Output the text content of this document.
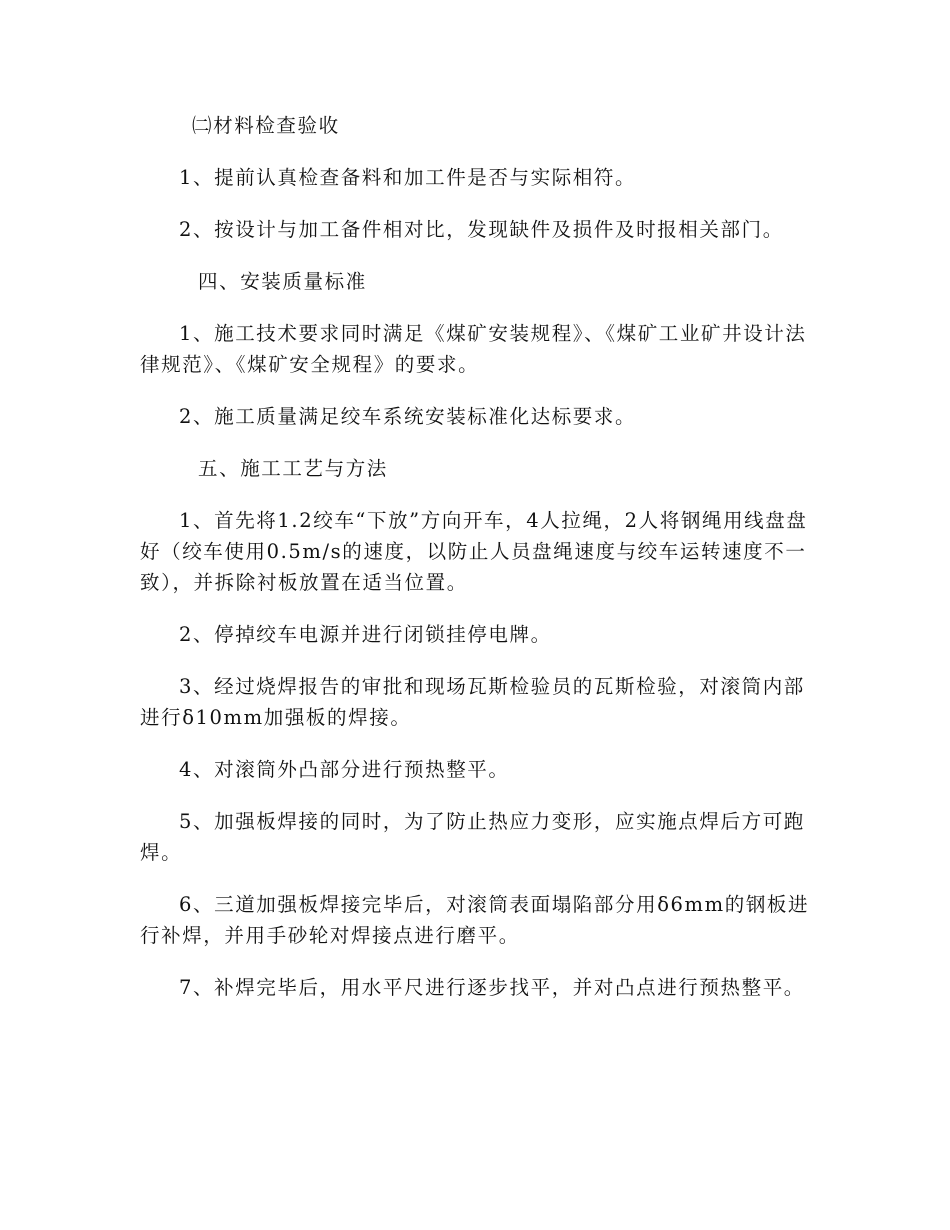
㈡材料检查验收

1、提前认真检查备料和加工件是否与实际相符。

2、按设计与加工备件相对比，发现缺件及损件及时报相关部门。

四、安装质量标准

1、施工技术要求同时满足《煤矿安装规程》、《煤矿工业矿井设计法律规范》、《煤矿安全规程》的要求。

2、施工质量满足绞车系统安装标准化达标要求。

五、施工工艺与方法

1、首先将1.2绞车“下放”方向开车，4人拉绳，2人将钢绳用线盘盘好（绞车使用0.5m/s的速度，以防止人员盘绳速度与绞车运转速度不一致），并拆除衬板放置在适当位置。

2、停掉绞车电源并进行闭锁挂停电牌。

3、经过烧焊报告的审批和现场瓦斯检验员的瓦斯检验，对滚筒内部进行δ10mm加强板的焊接。

4、对滚筒外凸部分进行预热整平。

5、加强板焊接的同时，为了防止热应力变形，应实施点焊后方可跑焊。

6、三道加强板焊接完毕后，对滚筒表面塌陷部分用δ6mm的钢板进行补焊，并用手砂轮对焊接点进行磨平。

7、补焊完毕后，用水平尺进行逐步找平，并对凸点进行预热整平。
